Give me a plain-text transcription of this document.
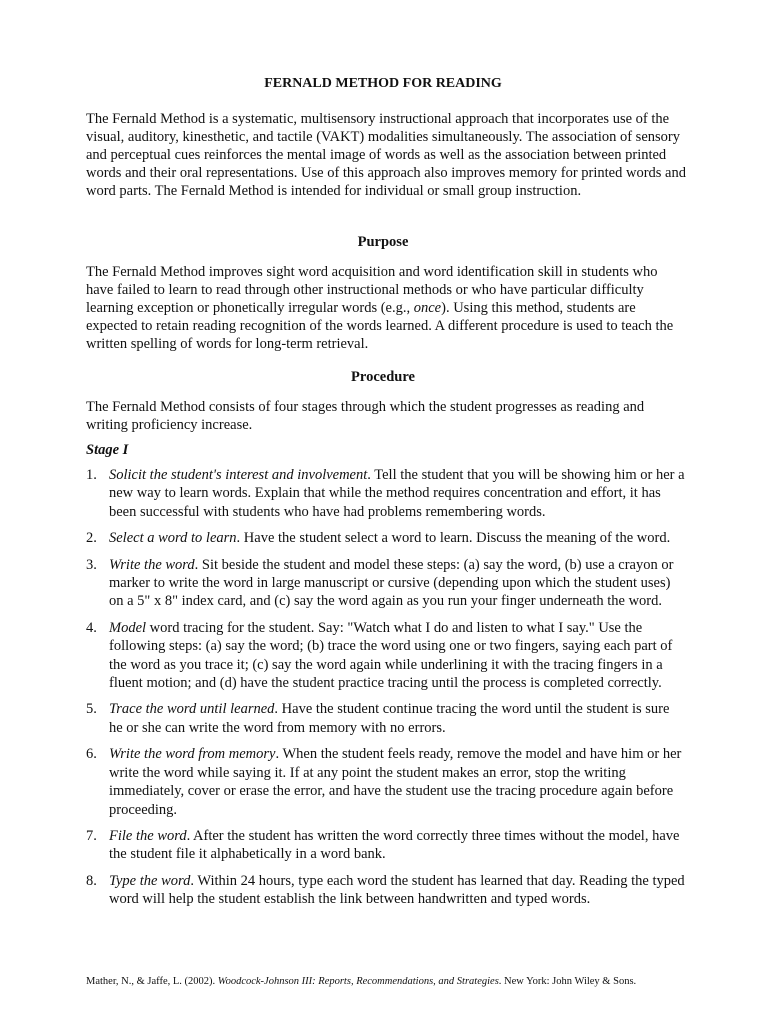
FERNALD METHOD FOR READING
The Fernald Method is a systematic, multisensory instructional approach that incorporates use of the visual, auditory, kinesthetic, and tactile (VAKT) modalities simultaneously. The association of sensory and perceptual cues reinforces the mental image of words as well as the association between printed words and their oral representations. Use of this approach also improves memory for printed words and word parts. The Fernald Method is intended for individual or small group instruction.
Purpose
The Fernald Method improves sight word acquisition and word identification skill in students who have failed to learn to read through other instructional methods or who have particular difficulty learning exception or phonetically irregular words (e.g., once). Using this method, students are expected to retain reading recognition of the words learned. A different procedure is used to teach the written spelling of words for long-term retrieval.
Procedure
The Fernald Method consists of four stages through which the student progresses as reading and writing proficiency increase.
Stage I
1. Solicit the student's interest and involvement. Tell the student that you will be showing him or her a new way to learn words. Explain that while the method requires concentration and effort, it has been successful with students who have had problems remembering words.
2. Select a word to learn. Have the student select a word to learn. Discuss the meaning of the word.
3. Write the word. Sit beside the student and model these steps: (a) say the word, (b) use a crayon or marker to write the word in large manuscript or cursive (depending upon which the student uses) on a 5" x 8" index card, and (c) say the word again as you run your finger underneath the word.
4. Model word tracing for the student. Say: "Watch what I do and listen to what I say." Use the following steps: (a) say the word; (b) trace the word using one or two fingers, saying each part of the word as you trace it; (c) say the word again while underlining it with the tracing fingers in a fluent motion; and (d) have the student practice tracing until the process is completed correctly.
5. Trace the word until learned. Have the student continue tracing the word until the student is sure he or she can write the word from memory with no errors.
6. Write the word from memory. When the student feels ready, remove the model and have him or her write the word while saying it. If at any point the student makes an error, stop the writing immediately, cover or erase the error, and have the student use the tracing procedure again before proceeding.
7. File the word. After the student has written the word correctly three times without the model, have the student file it alphabetically in a word bank.
8. Type the word. Within 24 hours, type each word the student has learned that day. Reading the typed word will help the student establish the link between handwritten and typed words.
Mather, N., & Jaffe, L. (2002). Woodcock-Johnson III: Reports, Recommendations, and Strategies. New York: John Wiley & Sons.
